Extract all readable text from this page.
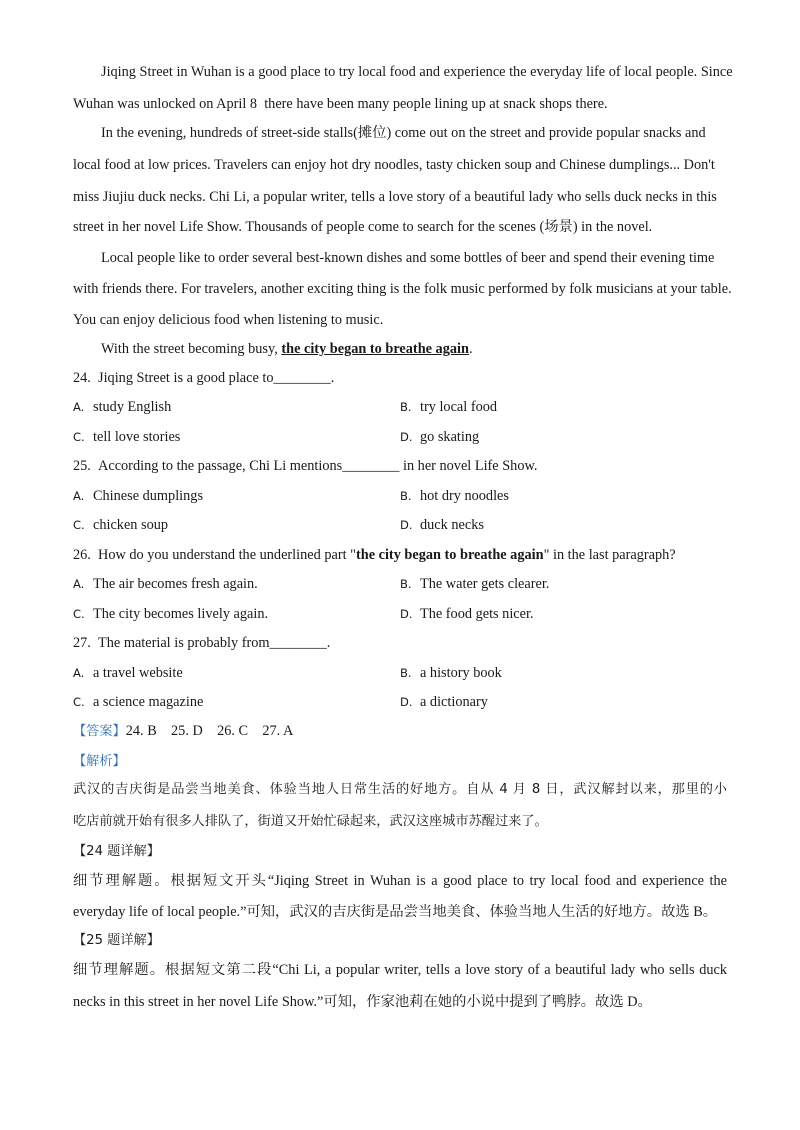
Jiqing Street in Wuhan is a good place to try local food and experience the everyday life of local people. Since
Wuhan was unlocked on April 8  there have been many people lining up at snack shops there.
In the evening, hundreds of street-side stalls(摊位) come out on the street and provide popular snacks and
local food at low prices. Travelers can enjoy hot dry noodles, tasty chicken soup and Chinese dumplings... Don't
miss Jiujiu duck necks. Chi Li, a popular writer, tells a love story of a beautiful lady who sells duck necks in this
street in her novel Life Show. Thousands of people come to search for the scenes (场景) in the novel.
Local people like to order several best-known dishes and some bottles of beer and spend their evening time
with friends there. For travelers, another exciting thing is the folk music performed by folk musicians at your table.
You can enjoy delicious food when listening to music.
With the street becoming busy, the city began to breathe again.
24.  Jiqing Street is a good place to________.
A. study English	B. try local food
C. tell love stories	D. go skating
25.  According to the passage, Chi Li mentions________ in her novel Life Show.
A. Chinese dumplings	B. hot dry noodles
C. chicken soup	D. duck necks
26.  How do you understand the underlined part "the city began to breathe again" in the last paragraph?
A. The air becomes fresh again.	B. The water gets clearer.
C. The city becomes lively again.	D. The food gets nicer.
27.  The material is probably from________.
A. a travel website	B. a history book
C. a science magazine	D. a dictionary
【答案】24. B    25. D    26. C    27. A
【解析】
武汉的吉庆街是品尝当地美食、体验当地人日常生活的好地方。自从 4 月 8 日，武汉解封以来，那里的小
吃店前就开始有很多人排队了，街道又开始忙碌起来，武汉这座城市苏醒过来了。
【24 题详解】
细节理解题。根据短文开头“Jiqing Street in Wuhan is a good place to try local food and experience the
everyday life of local people.”可知，武汉的吉庆街是品尝当地美食、体验当地人生活的好地方。故选 B。
【25 题详解】
细节理解题。根据短文第二段“Chi Li, a popular writer, tells a love story of a beautiful lady who sells duck
necks in this street in her novel Life Show.”可知，作家池莉在她的小说中提到了鸭脖。故选 D。
